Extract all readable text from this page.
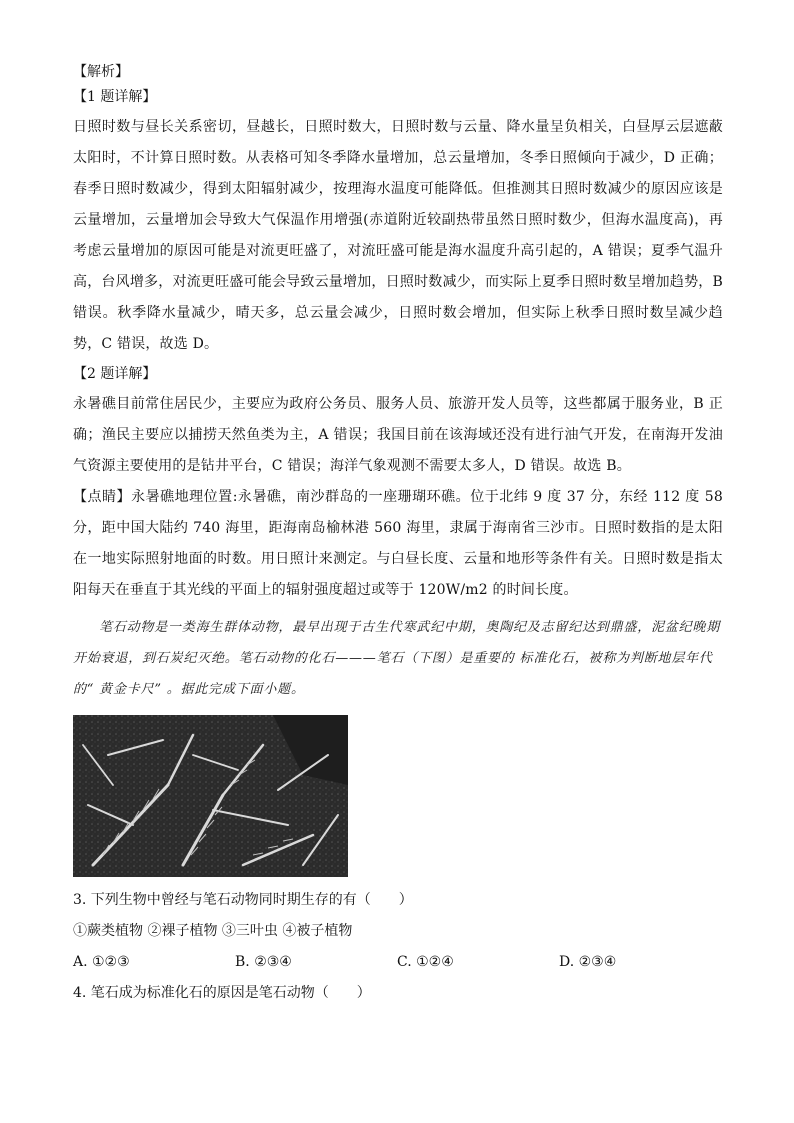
【解析】

【1 题详解】

日照时数与昼长关系密切，昼越长，日照时数大，日照时数与云量、降水量呈负相关，白昼厚云层遮蔽太阳时，不计算日照时数。从表格可知冬季降水量增加，总云量增加，冬季日照倾向于减少，D 正确；春季日照时数减少，得到太阳辐射减少，按理海水温度可能降低。但推测其日照时数减少的原因应该是云量增加，云量增加会导致大气保温作用增强(赤道附近较副热带虽然日照时数少，但海水温度高)，再考虑云量增加的原因可能是对流更旺盛了，对流旺盛可能是海水温度升高引起的，A 错误；夏季气温升高，台风增多，对流更旺盛可能会导致云量增加，日照时数减少，而实际上夏季日照时数呈增加趋势，B 错误。秋季降水量减少，晴天多，总云量会减少，日照时数会增加，但实际上秋季日照时数呈减少趋势，C 错误，故选 D。

【2 题详解】

永暑礁目前常住居民少，主要应为政府公务员、服务人员、旅游开发人员等，这些都属于服务业，B 正确；渔民主要应以捕捞天然鱼类为主，A 错误；我国目前在该海域还没有进行油气开发，在南海开发油气资源主要使用的是钻井平台，C 错误；海洋气象观测不需要太多人，D 错误。故选 B。

【点睛】永暑礁地理位置:永暑礁，南沙群岛的一座珊瑚环礁。位于北纬 9 度 37 分，东经 112 度 58 分，距中国大陆约 740 海里，距海南岛榆林港 560 海里，隶属于海南省三沙市。日照时数指的是太阳在一地实际照射地面的时数。用日照计来测定。与白昼长度、云量和地形等条件有关。日照时数是指太阳每天在垂直于其光线的平面上的辐射强度超过或等于 120W/m2 的时间长度。

笔石动物是一类海生群体动物，最早出现于古生代寒武纪中期，奥陶纪及志留纪达到鼎盛，泥盆纪晚期开始衰退，到石炭纪灭绝。笔石动物的化石———笔石（下图）是重要的 标准化石，被称为判断地层年代的“ 黄金卡尺” 。据此完成下面小题。

3. 下列生物中曾经与笔石动物同时期生存的有（　　）

①蕨类植物 ②裸子植物 ③三叶虫 ④被子植物

A. ①②③	B. ②③④	C. ①②④	D. ②③④

4. 笔石成为标准化石的原因是笔石动物（　　）
